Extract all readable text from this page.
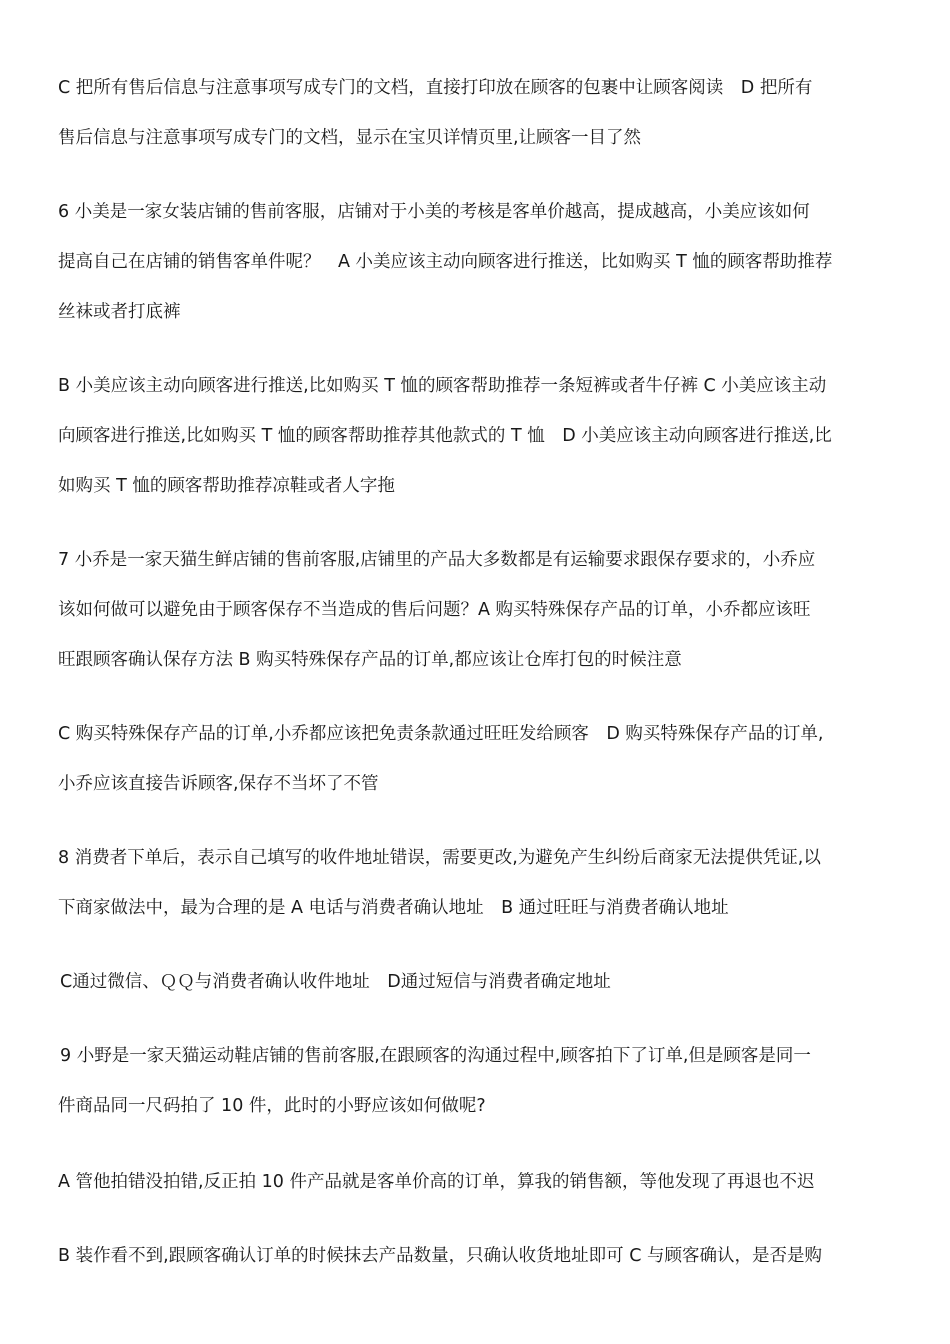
C 把所有售后信息与注意事项写成专门的文档，直接打印放在顾客的包裹中让顾客阅读　D 把所有
售后信息与注意事项写成专门的文档，显示在宝贝详情页里,让顾客一目了然
6 小美是一家女装店铺的售前客服，店铺对于小美的考核是客单价越高，提成越高，小美应该如何
提高自己在店铺的销售客单件呢？　A 小美应该主动向顾客进行推送，比如购买 T 恤的顾客帮助推荐
丝袜或者打底裤
B 小美应该主动向顾客进行推送,比如购买 T 恤的顾客帮助推荐一条短裤或者牛仔裤 C 小美应该主动
向顾客进行推送,比如购买 T 恤的顾客帮助推荐其他款式的 T 恤　D 小美应该主动向顾客进行推送,比
如购买 T 恤的顾客帮助推荐凉鞋或者人字拖
7 小乔是一家天猫生鲜店铺的售前客服,店铺里的产品大多数都是有运输要求跟保存要求的，小乔应
该如何做可以避免由于顾客保存不当造成的售后问题？A 购买特殊保存产品的订单，小乔都应该旺
旺跟顾客确认保存方法 B 购买特殊保存产品的订单,都应该让仓库打包的时候注意
C 购买特殊保存产品的订单,小乔都应该把免责条款通过旺旺发给顾客　D 购买特殊保存产品的订单,
小乔应该直接告诉顾客,保存不当坏了不管
8 消费者下单后，表示自己填写的收件地址错误，需要更改,为避免产生纠纷后商家无法提供凭证,以
下商家做法中，最为合理的是 A 电话与消费者确认地址　B 通过旺旺与消费者确认地址
C通过微信、ＱＱ与消费者确认收件地址　D通过短信与消费者确定地址
9 小野是一家天猫运动鞋店铺的售前客服,在跟顾客的沟通过程中,顾客拍下了订单,但是顾客是同一
件商品同一尺码拍了 10 件，此时的小野应该如何做呢?
A 管他拍错没拍错,反正拍 10 件产品就是客单价高的订单，算我的销售额，等他发现了再退也不迟
B 装作看不到,跟顾客确认订单的时候抹去产品数量，只确认收货地址即可 C 与顾客确认，是否是购
